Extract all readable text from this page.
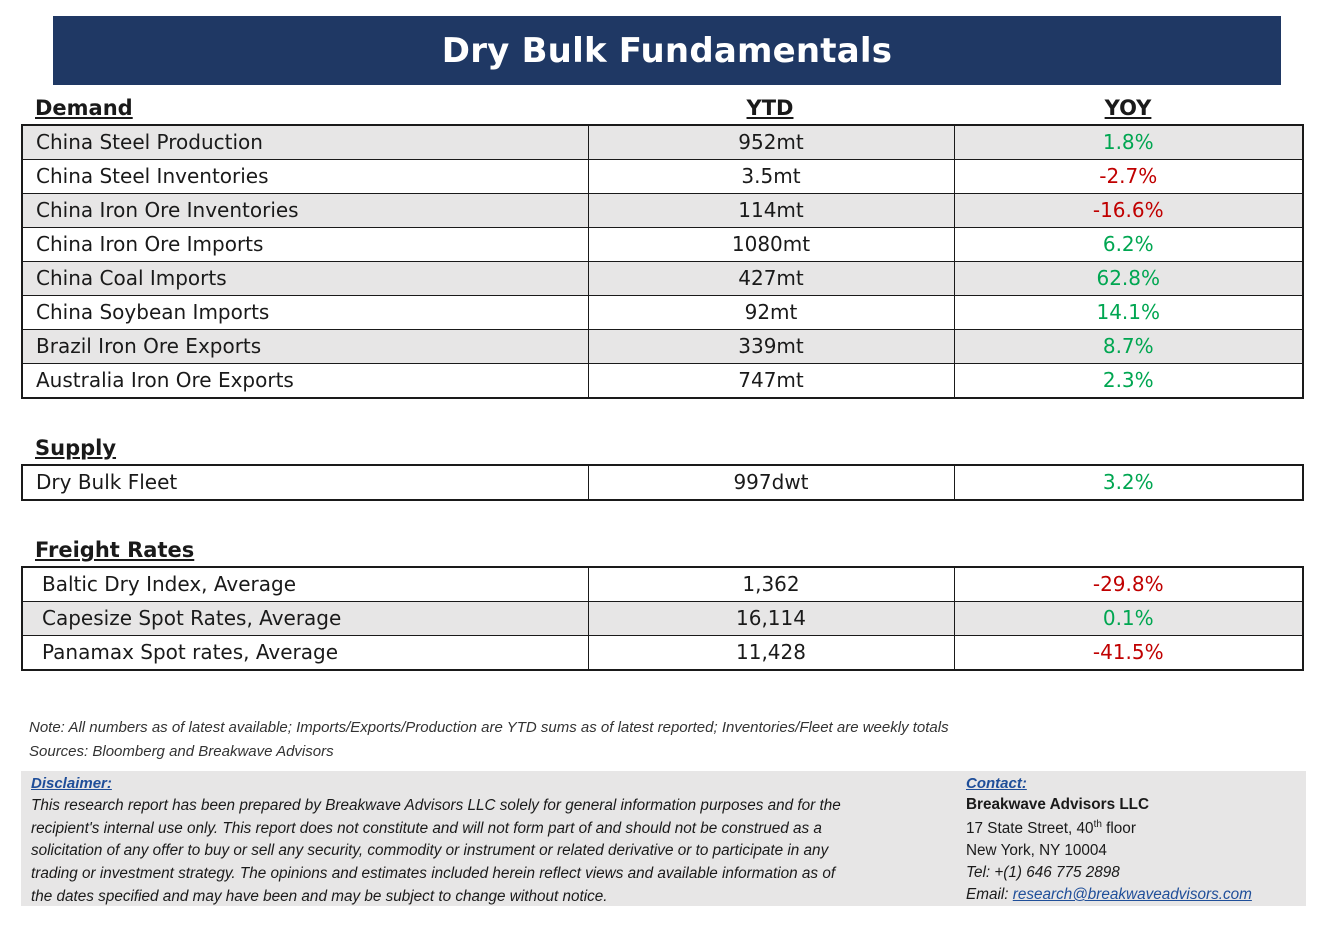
Dry Bulk Fundamentals
Demand	YTD	YOY
China Steel Production	952mt	1.8%
China Steel Inventories	3.5mt	-2.7%
China Iron Ore Inventories	114mt	-16.6%
China Iron Ore Imports	1080mt	6.2%
China Coal Imports	427mt	62.8%
China Soybean Imports	92mt	14.1%
Brazil Iron Ore Exports	339mt	8.7%
Australia Iron Ore Exports	747mt	2.3%
Supply
Dry Bulk Fleet	997dwt	3.2%
Freight Rates
Baltic Dry Index, Average	1,362	-29.8%
Capesize Spot Rates, Average	16,114	0.1%
Panamax Spot rates, Average	11,428	-41.5%
Note: All numbers as of latest available; Imports/Exports/Production are YTD sums as of latest reported; Inventories/Fleet are weekly totals
Sources: Bloomberg and Breakwave Advisors
Disclaimer:
This research report has been prepared by Breakwave Advisors LLC solely for general information purposes and for the
recipient's internal use only. This report does not constitute and will not form part of and should not be construed as a
solicitation of any offer to buy or sell any security, commodity or instrument or related derivative or to participate in any
trading or investment strategy. The opinions and estimates included herein reflect views and available information as of
the dates specified and may have been and may be subject to change without notice.
Contact:
Breakwave Advisors LLC
17 State Street, 40th floor
New York, NY 10004
Tel: +(1) 646 775 2898
Email: research@breakwaveadvisors.com
